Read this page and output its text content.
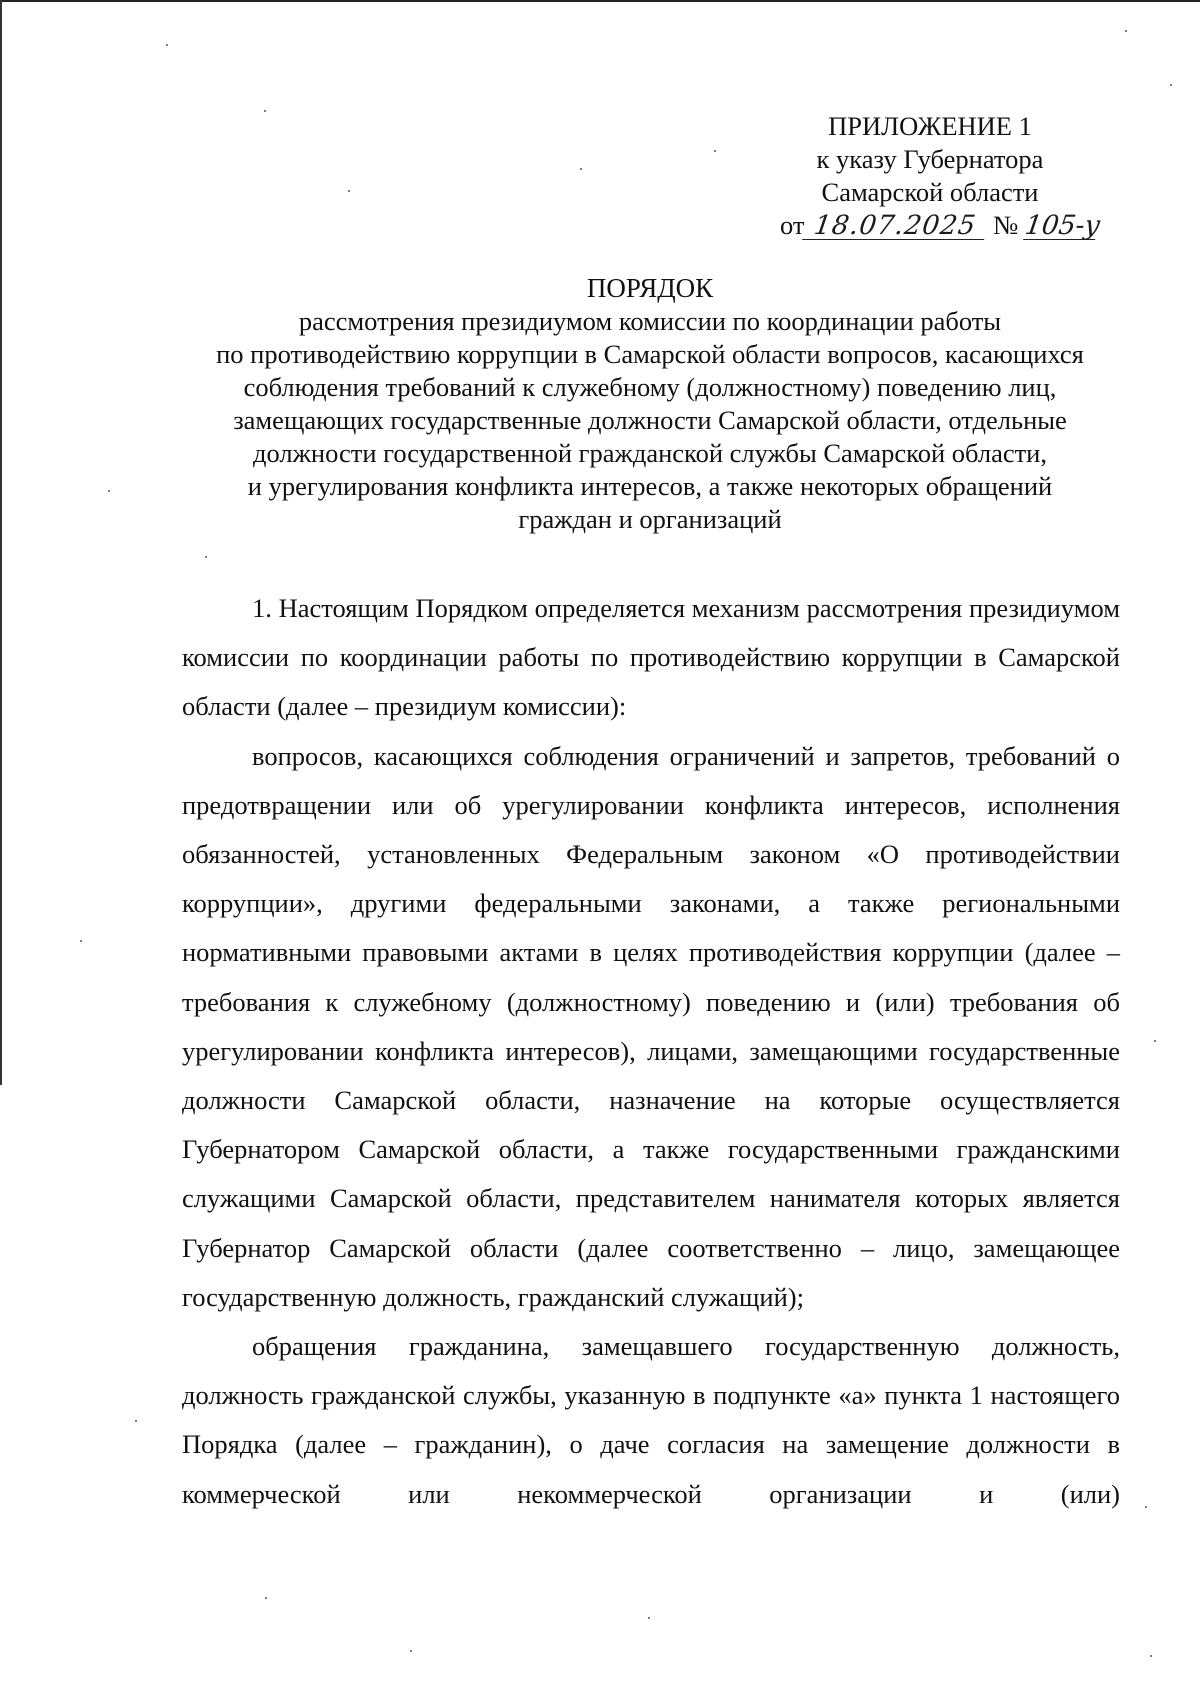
ПРИЛОЖЕНИЕ 1
к указу Губернатора
Самарской области
от 18.07.2025 № 105-у
ПОРЯДОК
рассмотрения президиумом комиссии по координации работы
по противодействию коррупции в Самарской области вопросов, касающихся
соблюдения требований к служебному (должностному) поведению лиц,
замещающих государственные должности Самарской области, отдельные
должности государственной гражданской службы Самарской области,
и урегулирования конфликта интересов, а также некоторых обращений
граждан и организаций

1. Настоящим Порядком определяется механизм рассмотрения президиумом комиссии по координации работы по противодействию коррупции в Самарской области (далее – президиум комиссии):

вопросов, касающихся соблюдения ограничений и запретов, требований о предотвращении или об урегулировании конфликта интересов, исполнения обязанностей, установленных Федеральным законом «О противодействии коррупции», другими федеральными законами, а также региональными нормативными правовыми актами в целях противодействия коррупции (далее – требования к служебному (должностному) поведению и (или) требования об урегулировании конфликта интересов), лицами, замещающими государственные должности Самарской области, назначение на которые осуществляется Губернатором Самарской области, а также государственными гражданскими служащими Самарской области, представителем нанимателя которых является Губернатор Самарской области (далее соответственно – лицо, замещающее государственную должность, гражданский служащий);

обращения гражданина, замещавшего государственную должность, должность гражданской службы, указанную в подпункте «а» пункта 1 настоящего Порядка (далее – гражданин), о даче согласия на замещение должности в коммерческой или некоммерческой организации и (или)
